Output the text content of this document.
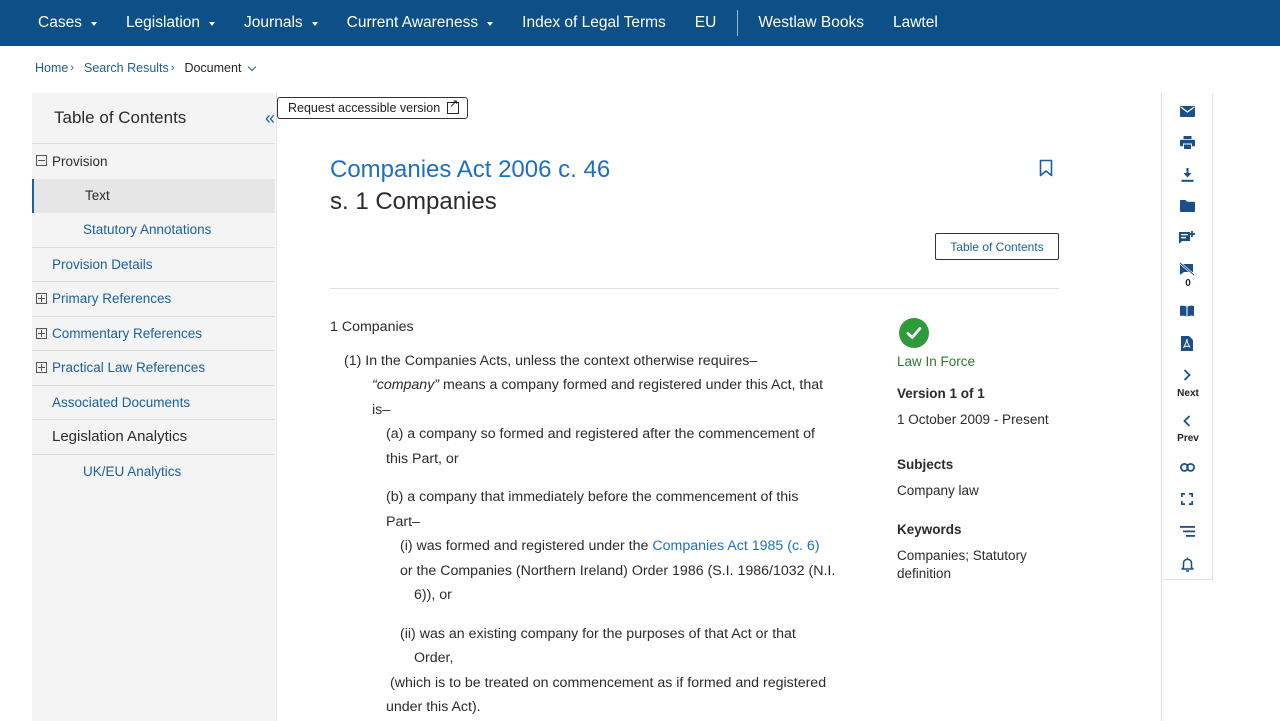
Cases	Legislation	Journals	Current Awareness	Index of Legal Terms EU	Westlaw Books Lawtel
Home › Search Results › Document
Table of Contents	«
Provision
Text
Statutory Annotations
Provision Details
Primary References
Commentary References
Practical Law References
Associated Documents
Legislation Analytics
UK/EU Analytics
Request accessible version
↗
Companies Act 2006 c. 46
s. 1 Companies
Table of Contents

1 Companies

(1) In the Companies Acts, unless the context otherwise requires–

“company” means a company formed and registered under this Act, that

is–

(a) a company so formed and registered after the commencement of

this Part, or

(b) a company that immediately before the commencement of this

Part–

(i) was formed and registered under the Companies Act 1985 (c. 6)

or the Companies (Northern Ireland) Order 1986 (S.I. 1986/1032 (N.I.

6)), or

(ii) was an existing company for the purposes of that Act or that

Order,

(which is to be treated on commencement as if formed and registered

under this Act).

Law In Force
Version 1 of 1
1 October 2009 - Present
Subjects
Company law
Keywords
Companies; Statutory definition
0
Next
Prev
